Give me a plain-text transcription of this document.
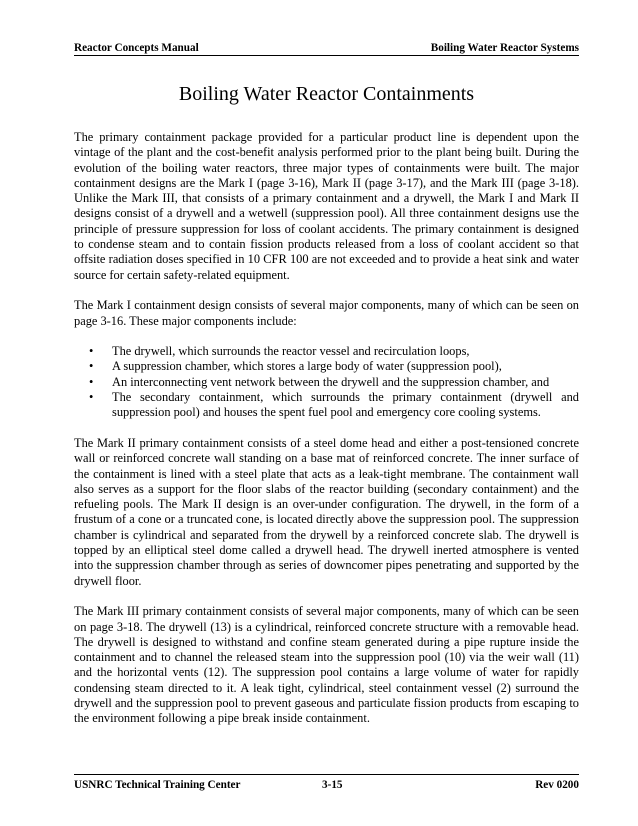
Reactor Concepts Manual	Boiling Water Reactor Systems
Boiling Water Reactor Containments

The primary containment package provided for a particular product line is dependent upon the vintage of the plant and the cost-benefit analysis performed prior to the plant being built. During the evolution of the boiling water reactors, three major types of containments were built. The major containment designs are the Mark I (page 3-16), Mark II (page 3-17), and the Mark III (page 3-18). Unlike the Mark III, that consists of a primary containment and a drywell, the Mark I and Mark II designs consist of a drywell and a wetwell (suppression pool). All three containment designs use the principle of pressure suppression for loss of coolant accidents. The primary containment is designed to condense steam and to contain fission products released from a loss of coolant accident so that offsite radiation doses specified in 10 CFR 100 are not exceeded and to provide a heat sink and water source for certain safety-related equipment.

The Mark I containment design consists of several major components, many of which can be seen on page 3-16. These major components include:

• The drywell, which surrounds the reactor vessel and recirculation loops,
• A suppression chamber, which stores a large body of water (suppression pool),
• An interconnecting vent network between the drywell and the suppression chamber, and
• The secondary containment, which surrounds the primary containment (drywell and suppression pool) and houses the spent fuel pool and emergency core cooling systems.

The Mark II primary containment consists of a steel dome head and either a post-tensioned concrete wall or reinforced concrete wall standing on a base mat of reinforced concrete. The inner surface of the containment is lined with a steel plate that acts as a leak-tight membrane. The containment wall also serves as a support for the floor slabs of the reactor building (secondary containment) and the refueling pools. The Mark II design is an over-under configuration. The drywell, in the form of a frustum of a cone or a truncated cone, is located directly above the suppression pool. The suppression chamber is cylindrical and separated from the drywell by a reinforced concrete slab. The drywell is topped by an elliptical steel dome called a drywell head. The drywell inerted atmosphere is vented into the suppression chamber through as series of downcomer pipes penetrating and supported by the drywell floor.

The Mark III primary containment consists of several major components, many of which can be seen on page 3-18. The drywell (13) is a cylindrical, reinforced concrete structure with a removable head. The drywell is designed to withstand and confine steam generated during a pipe rupture inside the containment and to channel the released steam into the suppression pool (10) via the weir wall (11) and the horizontal vents (12). The suppression pool contains a large volume of water for rapidly condensing steam directed to it. A leak tight, cylindrical, steel containment vessel (2) surround the drywell and the suppression pool to prevent gaseous and particulate fission products from escaping to the environment following a pipe break inside containment.

USNRC Technical Training Center	3-15	Rev 0200
